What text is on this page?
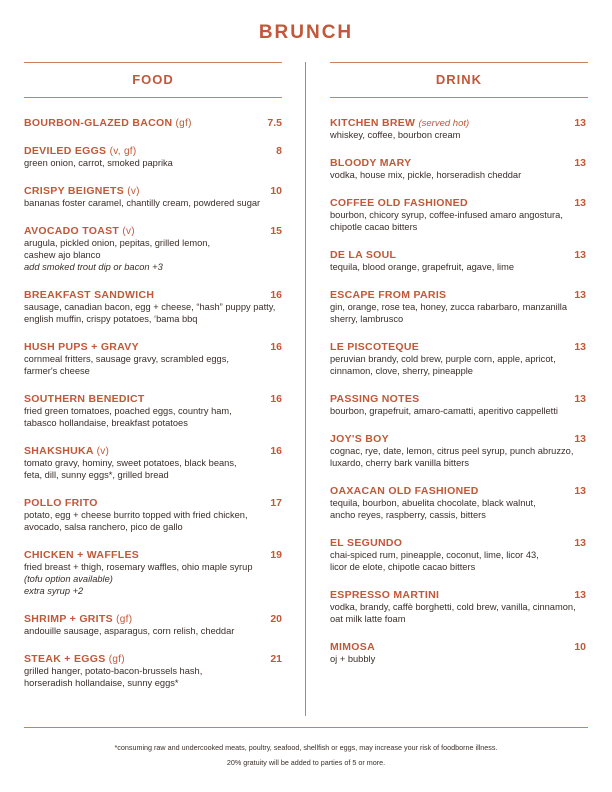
BRUNCH
FOOD	DRINK
BOURBON-GLAZED BACON (gf)	7.5
DEVILED EGGS (v, gf)	8
green onion, carrot, smoked paprika
CRISPY BEIGNETS (v)	10
bananas foster caramel, chantilly cream, powdered sugar
AVOCADO TOAST (v)	15
arugula, pickled onion, pepitas, grilled lemon,
cashew ajo blanco
add smoked trout dip or bacon +3
BREAKFAST SANDWICH	16
sausage, canadian bacon, egg + cheese, “hash” puppy patty,
english muffin, crispy potatoes, ‘bama bbq
HUSH PUPS + GRAVY	16
cornmeal fritters, sausage gravy, scrambled eggs,
farmer's cheese
SOUTHERN BENEDICT	16
fried green tomatoes, poached eggs, country ham,
tabasco hollandaise, breakfast potatoes
SHAKSHUKA (v)	16
tomato gravy, hominy, sweet potatoes, black beans,
feta, dill, sunny eggs*, grilled bread
POLLO FRITO	17
potato, egg + cheese burrito topped with fried chicken,
avocado, salsa ranchero, pico de gallo
CHICKEN + WAFFLES	19
fried breast + thigh, rosemary waffles, ohio maple syrup
(tofu option available)
extra syrup +2
SHRIMP + GRITS (gf)	20
andouille sausage, asparagus, corn relish, cheddar
STEAK + EGGS (gf)	21
grilled hanger, potato-bacon-brussels hash,
horseradish hollandaise, sunny eggs*
KITCHEN BREW (served hot)	13
whiskey, coffee, bourbon cream
BLOODY MARY	13
vodka, house mix, pickle, horseradish cheddar
COFFEE OLD FASHIONED	13
bourbon, chicory syrup, coffee-infused amaro angostura,
chipotle cacao bitters
DE LA SOUL	13
tequila, blood orange, grapefruit, agave, lime
ESCAPE FROM PARIS	13
gin, orange, rose tea, honey, zucca rabarbaro, manzanilla
sherry, lambrusco
LE PISCOTEQUE	13
peruvian brandy, cold brew, purple corn, apple, apricot,
cinnamon, clove, sherry, pineapple
PASSING NOTES	13
bourbon, grapefruit, amaro-camatti, aperitivo cappelletti
JOY'S BOY	13
cognac, rye, date, lemon, citrus peel syrup, punch abruzzo,
luxardo, cherry bark vanilla bitters
OAXACAN OLD FASHIONED	13
tequila, bourbon, abuelita chocolate, black walnut,
ancho reyes, raspberry, cassis, bitters
EL SEGUNDO	13
chai-spiced rum, pineapple, coconut, lime, licor 43,
licor de elote, chipotle cacao bitters
ESPRESSO MARTINI	13
vodka, brandy, caffè borghetti, cold brew, vanilla, cinnamon,
oat milk latte foam
MIMOSA	10
oj + bubbly
*consuming raw and undercooked meats, poultry, seafood, shellfish or eggs, may increase your risk of foodborne illness.
20% gratuity will be added to parties of 5 or more.
